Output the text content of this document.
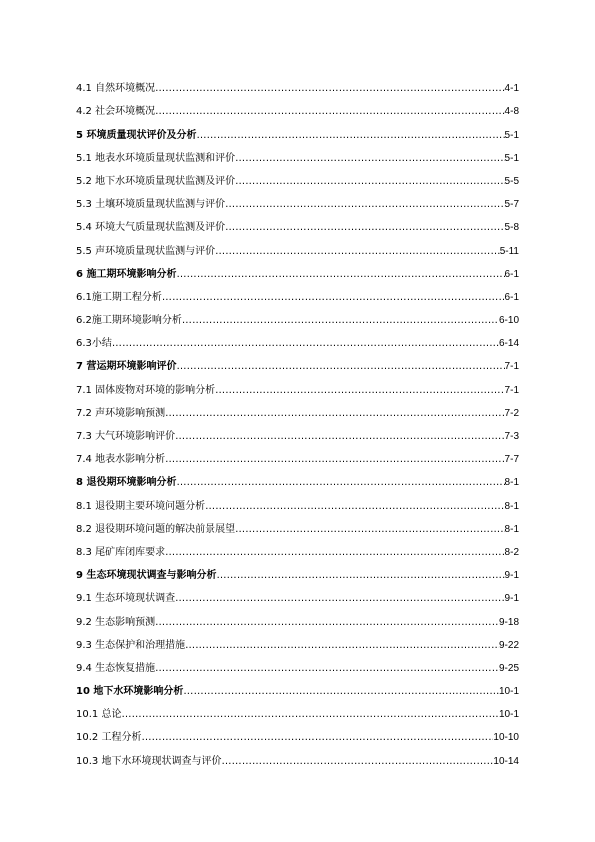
4.1 自然环境概况 ……………………………………………………………………………………………………………………………………………………………………………………………………………………………………………………………………………………	4-1
4.2 社会环境概况 ……………………………………………………………………………………………………………………………………………………………………………………………………………………………………………………………………………………	4-8
5 环境质量现状评价及分析 ……………………………………………………………………………………………………………………………………………………………………………………………………………………………………………………………………………………	5-1
5.1 地表水环境质量现状监测和评价 ……………………………………………………………………………………………………………………………………………………………………………………………………………………………………………………………………………………	5-1
5.2 地下水环境质量现状监测及评价 ……………………………………………………………………………………………………………………………………………………………………………………………………………………………………………………………………………………	5-5
5.3 土壤环境质量现状监测与评价 ……………………………………………………………………………………………………………………………………………………………………………………………………………………………………………………………………………………	5-7
5.4 环境大气质量现状监测及评价 ……………………………………………………………………………………………………………………………………………………………………………………………………………………………………………………………………………………	5-8
5.5 声环境质量现状监测与评价 ……………………………………………………………………………………………………………………………………………………………………………………………………………………………………………………………………………………	5-11
6 施工期环境影响分析 ……………………………………………………………………………………………………………………………………………………………………………………………………………………………………………………………………………………	6-1
6.1施工期工程分析 ……………………………………………………………………………………………………………………………………………………………………………………………………………………………………………………………………………………	6-1
6.2施工期环境影响分析 ……………………………………………………………………………………………………………………………………………………………………………………………………………………………………………………………………………………	6-10
6.3小结 ……………………………………………………………………………………………………………………………………………………………………………………………………………………………………………………………………………………	6-14
7 营运期环境影响评价 ……………………………………………………………………………………………………………………………………………………………………………………………………………………………………………………………………………………	7-1
7.1 固体废物对环境的影响分析 ……………………………………………………………………………………………………………………………………………………………………………………………………………………………………………………………………………………	7-1
7.2 声环境影响预测 ……………………………………………………………………………………………………………………………………………………………………………………………………………………………………………………………………………………	7-2
7.3 大气环境影响评价 ……………………………………………………………………………………………………………………………………………………………………………………………………………………………………………………………………………………	7-3
7.4 地表水影响分析 ……………………………………………………………………………………………………………………………………………………………………………………………………………………………………………………………………………………	7-7
8 退役期环境影响分析 ……………………………………………………………………………………………………………………………………………………………………………………………………………………………………………………………………………………	8-1
8.1 退役期主要环境问题分析 ……………………………………………………………………………………………………………………………………………………………………………………………………………………………………………………………………………………	8-1
8.2 退役期环境问题的解决前景展望 ……………………………………………………………………………………………………………………………………………………………………………………………………………………………………………………………………………………	8-1
8.3 尾矿库闭库要求 ……………………………………………………………………………………………………………………………………………………………………………………………………………………………………………………………………………………	8-2
9 生态环境现状调查与影响分析 ……………………………………………………………………………………………………………………………………………………………………………………………………………………………………………………………………………………	9-1
9.1 生态环境现状调查 ……………………………………………………………………………………………………………………………………………………………………………………………………………………………………………………………………………………	9-1
9.2 生态影响预测 ……………………………………………………………………………………………………………………………………………………………………………………………………………………………………………………………………………………	9-18
9.3 生态保护和治理措施 ……………………………………………………………………………………………………………………………………………………………………………………………………………………………………………………………………………………	9-22
9.4 生态恢复措施 ……………………………………………………………………………………………………………………………………………………………………………………………………………………………………………………………………………………	9-25
10 地下水环境影响分析 ……………………………………………………………………………………………………………………………………………………………………………………………………………………………………………………………………………………	10-1
10.1 总论 ……………………………………………………………………………………………………………………………………………………………………………………………………………………………………………………………………………………	10-1
10.2 工程分析 ……………………………………………………………………………………………………………………………………………………………………………………………………………………………………………………………………………………	10-10
10.3 地下水环境现状调查与评价 ……………………………………………………………………………………………………………………………………………………………………………………………………………………………………………………………………………………	10-14
